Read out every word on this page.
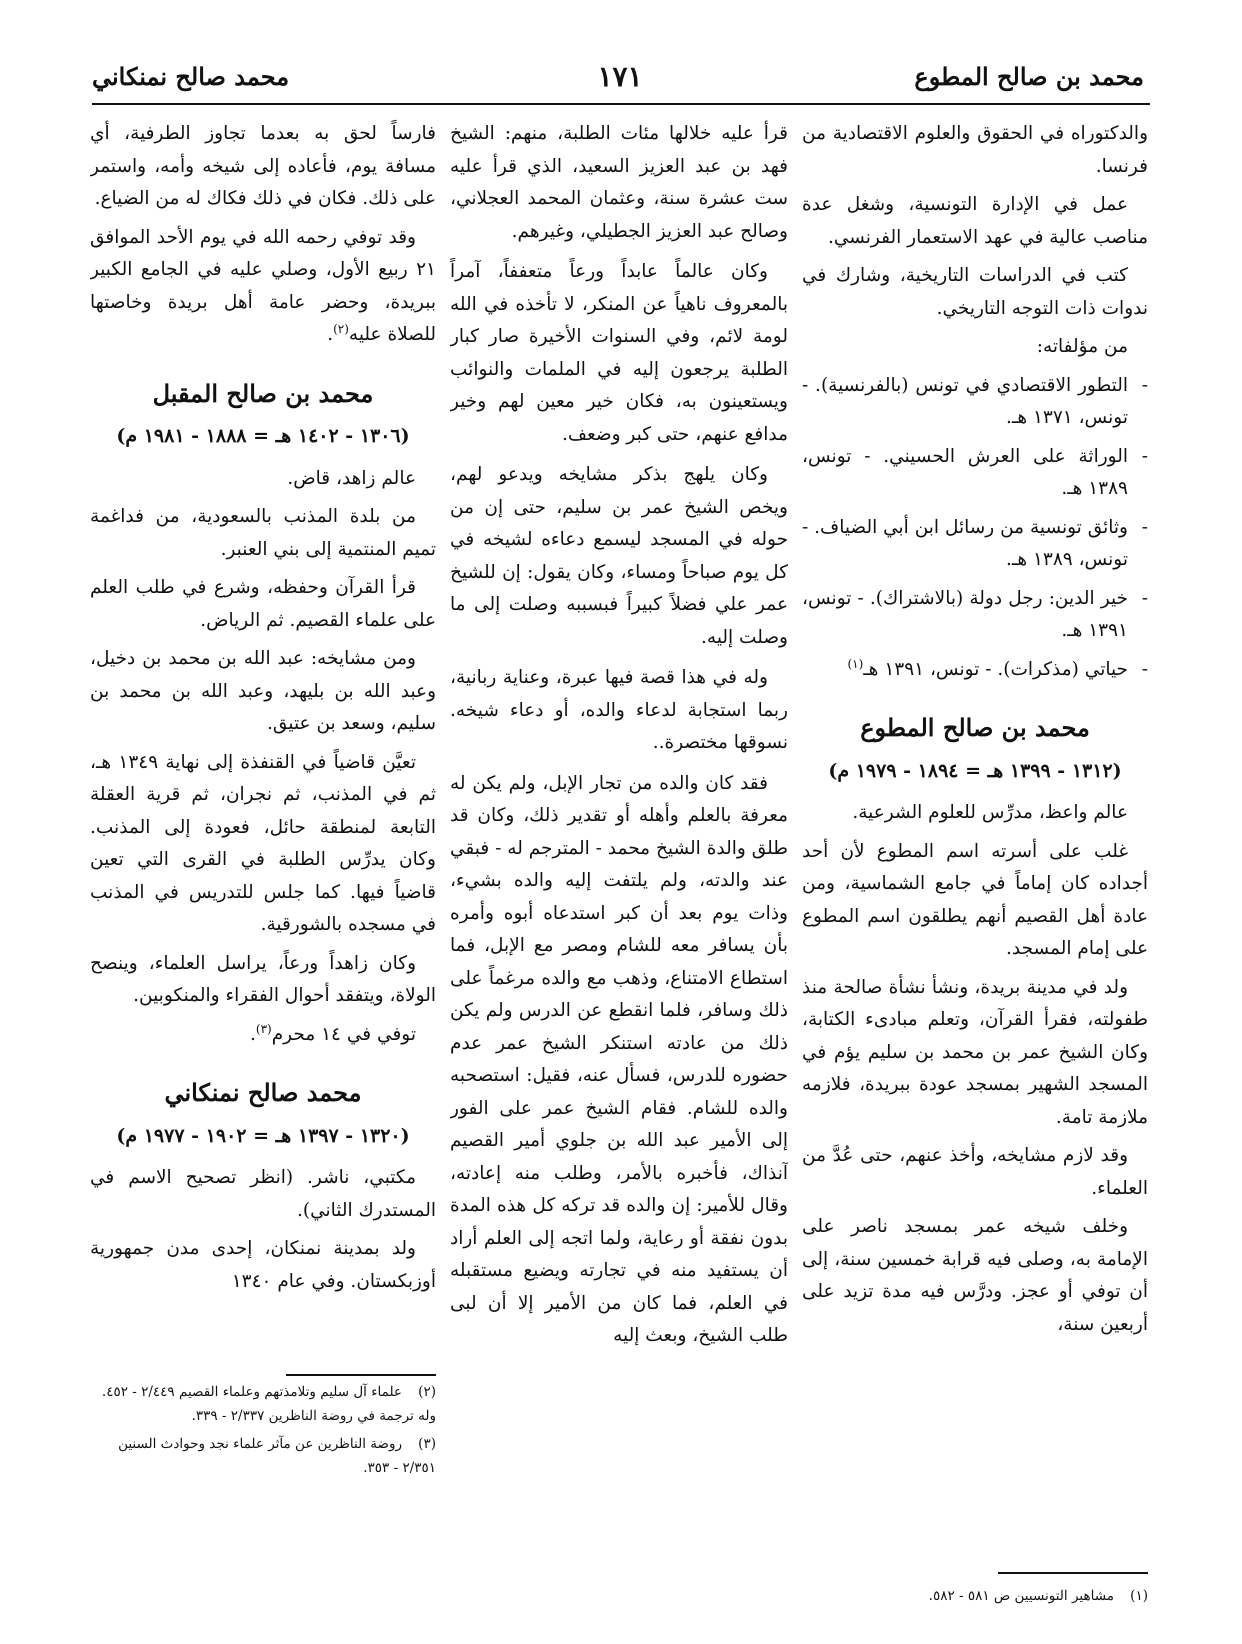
محمد بن صالح المطوع
١٧١
محمد صالح نمنكاني

والدكتوراه في الحقوق والعلوم الاقتصادية من فرنسا.

عمل في الإدارة التونسية، وشغل عدة مناصب عالية في عهد الاستعمار الفرنسي.

كتب في الدراسات التاريخية، وشارك في ندوات ذات التوجه التاريخي.

من مؤلفاته:

- التطور الاقتصادي في تونس (بالفرنسية). - تونس، ١٣٧١ هـ.
- الوراثة على العرش الحسيني. - تونس، ١٣٨٩ هـ.
- وثائق تونسية من رسائل ابن أبي الضياف. - تونس، ١٣٨٩ هـ.
- خير الدين: رجل دولة (بالاشتراك). - تونس، ١٣٩١ هـ.
- حياتي (مذكرات). - تونس، ١٣٩١ هـ$^{(١)}$
محمد بن صالح المطوع
(١٣١٢ - ١٣٩٩ هـ = ١٨٩٤ - ١٩٧٩ م)

عالم واعظ، مدرِّس للعلوم الشرعية.

غلب على أسرته اسم المطوع لأن أحد أجداده كان إماماً في جامع الشماسية، ومن عادة أهل القصيم أنهم يطلقون اسم المطوع على إمام المسجد.

ولد في مدينة بريدة، ونشأ نشأة صالحة منذ طفولته، فقرأ القرآن، وتعلم مبادىء الكتابة، وكان الشيخ عمر بن محمد بن سليم يؤم في المسجد الشهير بمسجد عودة ببريدة، فلازمه ملازمة تامة.

وقد لازم مشايخه، وأخذ عنهم، حتى عُدَّ من العلماء.

وخلف شيخه عمر بمسجد ناصر على الإمامة به، وصلى فيه قرابة خمسين سنة، إلى أن توفي أو عجز. ودرَّس فيه مدة تزيد على أربعين سنة،

(١)مشاهير التونسيين ص ٥٨١ - ٥٨٢.

قرأ عليه خلالها مئات الطلبة، منهم: الشيخ فهد بن عبد العزيز السعيد، الذي قرأ عليه ست عشرة سنة، وعثمان المحمد العجلاني، وصالح عبد العزيز الجطيلي، وغيرهم.

وكان عالماً عابداً ورعاً متعففاً، آمراً بالمعروف ناهياً عن المنكر، لا تأخذه في الله لومة لائم، وفي السنوات الأخيرة صار كبار الطلبة يرجعون إليه في الملمات والنوائب ويستعينون به، فكان خير معين لهم وخير مدافع عنهم، حتى كبر وضعف.

وكان يلهج بذكر مشايخه ويدعو لهم، ويخص الشيخ عمر بن سليم، حتى إن من حوله في المسجد ليسمع دعاءه لشيخه في كل يوم صباحاً ومساء، وكان يقول: إن للشيخ عمر علي فضلاً كبيراً فبسببه وصلت إلى ما وصلت إليه.

وله في هذا قصة فيها عبرة، وعناية ربانية، ربما استجابة لدعاء والده، أو دعاء شيخه. نسوقها مختصرة..

فقد كان والده من تجار الإبل، ولم يكن له معرفة بالعلم وأهله أو تقدير ذلك، وكان قد طلق والدة الشيخ محمد - المترجم له - فبقي عند والدته، ولم يلتفت إليه والده بشيء، وذات يوم بعد أن كبر استدعاه أبوه وأمره بأن يسافر معه للشام ومصر مع الإبل، فما استطاع الامتناع، وذهب مع والده مرغماً على ذلك وسافر، فلما انقطع عن الدرس ولم يكن ذلك من عادته استنكر الشيخ عمر عدم حضوره للدرس، فسأل عنه، فقيل: استصحبه والده للشام. فقام الشيخ عمر على الفور إلى الأمير عبد الله بن جلوي أمير القصيم آنذاك، فأخبره بالأمر، وطلب منه إعادته، وقال للأمير: إن والده قد تركه كل هذه المدة بدون نفقة أو رعاية، ولما اتجه إلى العلم أراد أن يستفيد منه في تجارته ويضيع مستقبله في العلم، فما كان من الأمير إلا أن لبى طلب الشيخ، وبعث إليه

فارساً لحق به بعدما تجاوز الطرفية، أي مسافة يوم، فأعاده إلى شيخه وأمه، واستمر على ذلك. فكان في ذلك فكاك له من الضياع.

وقد توفي رحمه الله في يوم الأحد الموافق ٢١ ربيع الأول، وصلي عليه في الجامع الكبير ببريدة، وحضر عامة أهل بريدة وخاصتها للصلاة عليه$^{(٢)}$.

محمد بن صالح المقبل
(١٣٠٦ - ١٤٠٢ هـ = ١٨٨٨ - ١٩٨١ م)

عالم زاهد، قاض.

من بلدة المذنب بالسعودية، من فداغمة تميم المنتمية إلى بني العنبر.

قرأ القرآن وحفظه، وشرع في طلب العلم على علماء القصيم. ثم الرياض.

ومن مشايخه: عبد الله بن محمد بن دخيل، وعبد الله بن بليهد، وعبد الله بن محمد بن سليم، وسعد بن عتيق.

تعيَّن قاضياً في القنفذة إلى نهاية ١٣٤٩ هـ، ثم في المذنب، ثم نجران، ثم قرية العقلة التابعة لمنطقة حائل، فعودة إلى المذنب. وكان يدرِّس الطلبة في القرى التي تعين قاضياً فيها. كما جلس للتدريس في المذنب في مسجده بالشورقية.

وكان زاهداً ورعاً، يراسل العلماء، وينصح الولاة، ويتفقد أحوال الفقراء والمنكوبين.

توفي في ١٤ محرم$^{(٣)}$.

محمد صالح نمنكاني
(١٣٢٠ - ١٣٩٧ هـ = ١٩٠٢ - ١٩٧٧ م)

مكتبي، ناشر. (انظر تصحيح الاسم في المستدرك الثاني).

ولد بمدينة نمنكان، إحدى مدن جمهورية أوزبكستان. وفي عام ١٣٤٠

(٢)علماء آل سليم وتلامذتهم وعلماء القصيم ٢/٤٤٩ - ٤٥٢. وله ترجمة في روضة الناظرين ٢/٣٣٧ - ٣٣٩.
(٣)روضة الناظرين عن مآثر علماء نجد وحوادث السنين ٢/٣٥١ - ٣٥٣.
